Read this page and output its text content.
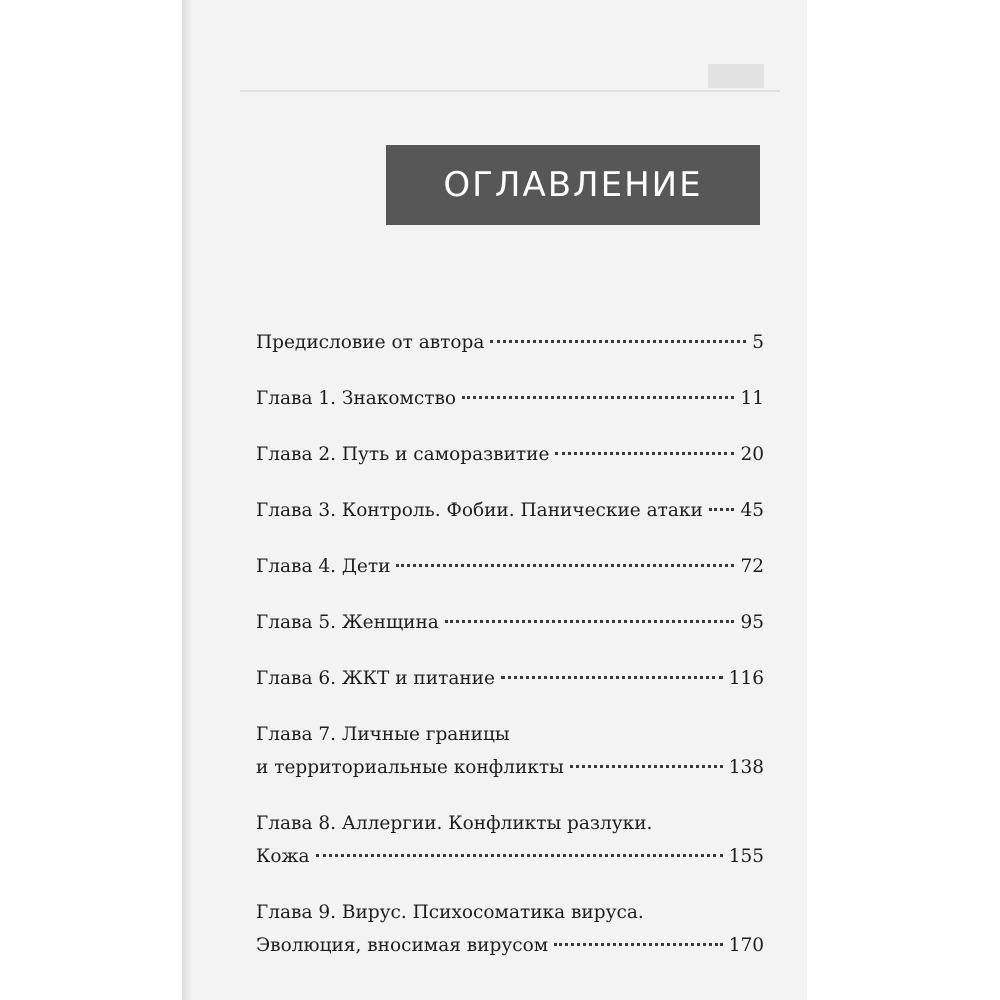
ОГЛАВЛЕНИЕ
Предисловие от автора	5
Глава 1. Знакомство	11
Глава 2. Путь и саморазвитие	20
Глава 3. Контроль. Фобии. Панические атаки 45
Глава 4. Дети	72
Глава 5. Женщина	95
Глава 6. ЖКТ и питание	116
Глава 7. Личные границы
и территориальные конфликты	138
Глава 8. Аллергии. Конфликты разлуки.
Кожа	155
Глава 9. Вирус. Психосоматика вируса.
Эволюция, вносимая вирусом	170
